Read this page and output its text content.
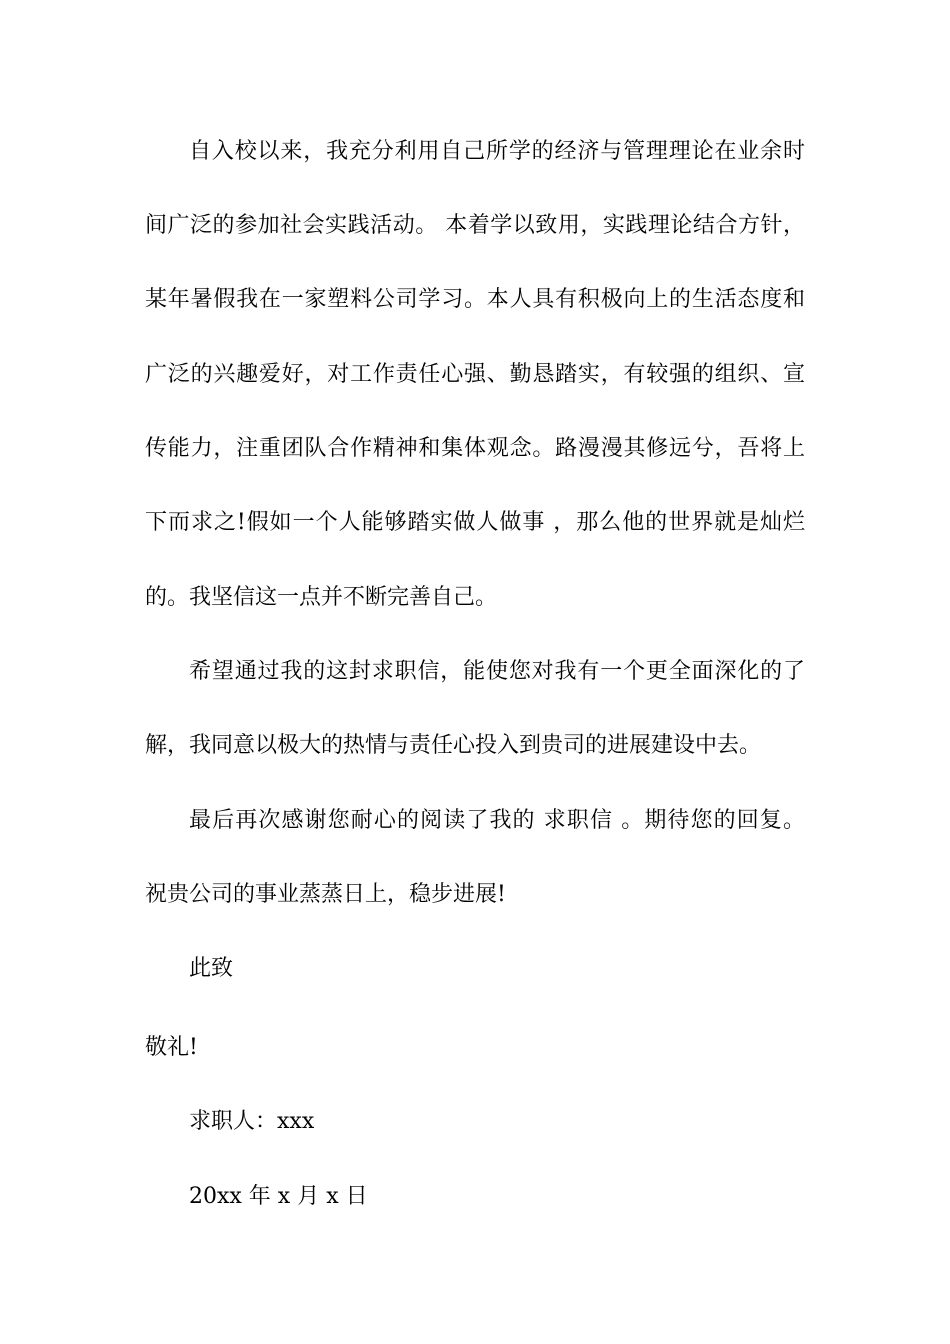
自入校以来，我充分利用自己所学的经济与管理理论在业余时
间广泛的参加社会实践活动。 本着学以致用，实践理论结合方针，
某年暑假我在一家塑料公司学习。本人具有积极向上的生活态度和
广泛的兴趣爱好，对工作责任心强、勤恳踏实，有较强的组织、宣
传能力，注重团队合作精神和集体观念。路漫漫其修远兮，吾将上
下而求之!假如一个人能够踏实做人做事 ，那么他的世界就是灿烂
的。我坚信这一点并不断完善自己。
希望通过我的这封求职信，能使您对我有一个更全面深化的了
解，我同意以极大的热情与责任心投入到贵司的进展建设中去。
最后再次感谢您耐心的阅读了我的 求职信 。期待您的回复。
祝贵公司的事业蒸蒸日上，稳步进展!
此致
敬礼!
求职人：xxx
20xx 年 x 月 x 日
